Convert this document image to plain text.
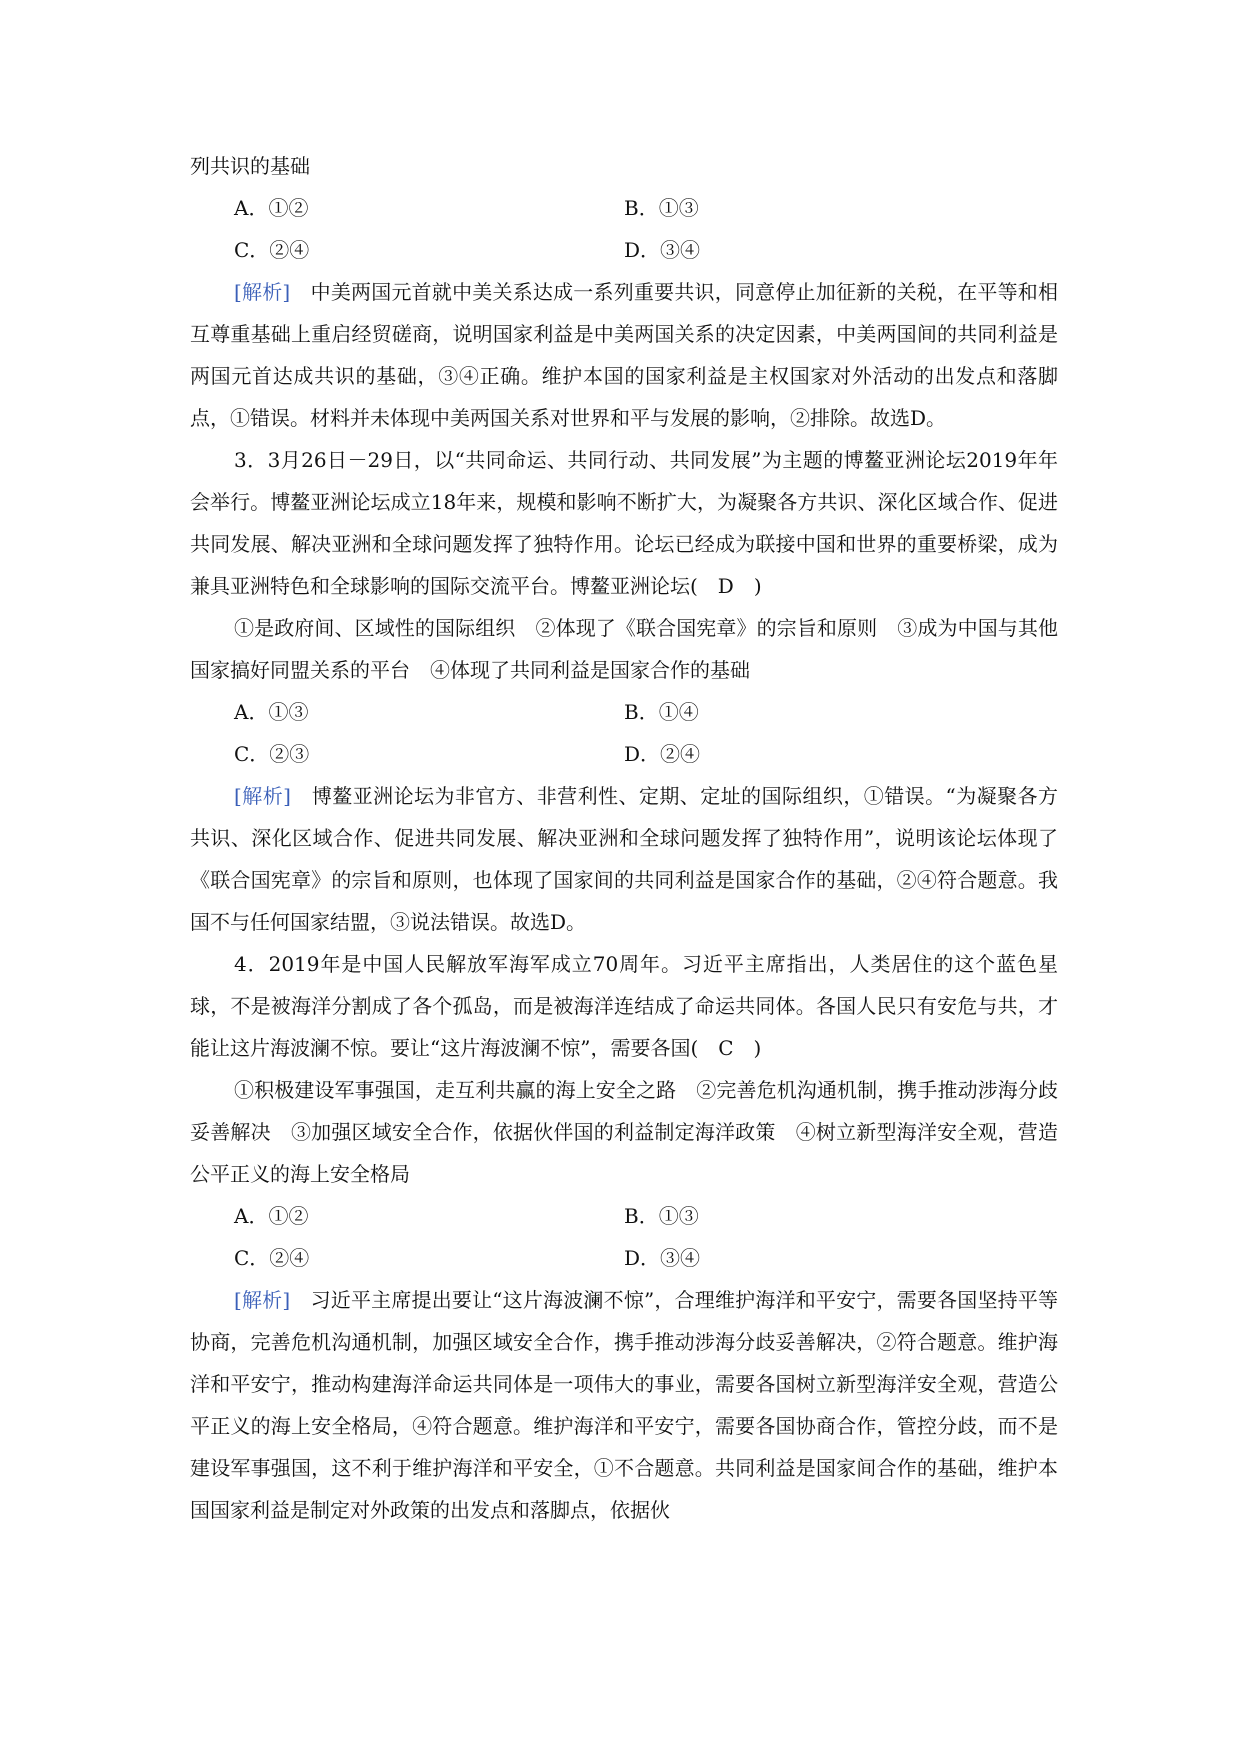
列共识的基础

A．①②	B．①③
C．②④	D．③④

[解析]　中美两国元首就中美关系达成一系列重要共识，同意停止加征新的关税，在平等和相互尊重基础上重启经贸磋商，说明国家利益是中美两国关系的决定因素，中美两国间的共同利益是两国元首达成共识的基础，③④正确。维护本国的国家利益是主权国家对外活动的出发点和落脚点，①错误。材料并未体现中美两国关系对世界和平与发展的影响，②排除。故选D。

3．3月26日－29日，以“共同命运、共同行动、共同发展”为主题的博鳌亚洲论坛2019年年会举行。博鳌亚洲论坛成立18年来，规模和影响不断扩大，为凝聚各方共识、深化区域合作、促进共同发展、解决亚洲和全球问题发挥了独特作用。论坛已经成为联接中国和世界的重要桥梁，成为兼具亚洲特色和全球影响的国际交流平台。博鳌亚洲论坛(　D　)

①是政府间、区域性的国际组织　②体现了《联合国宪章》的宗旨和原则　③成为中国与其他国家搞好同盟关系的平台　④体现了共同利益是国家合作的基础

A．①③	B．①④
C．②③	D．②④

[解析]　博鳌亚洲论坛为非官方、非营利性、定期、定址的国际组织，①错误。“为凝聚各方共识、深化区域合作、促进共同发展、解决亚洲和全球问题发挥了独特作用”，说明该论坛体现了《联合国宪章》的宗旨和原则，也体现了国家间的共同利益是国家合作的基础，②④符合题意。我国不与任何国家结盟，③说法错误。故选D。

4．2019年是中国人民解放军海军成立70周年。习近平主席指出，人类居住的这个蓝色星球，不是被海洋分割成了各个孤岛，而是被海洋连结成了命运共同体。各国人民只有安危与共，才能让这片海波澜不惊。要让“这片海波澜不惊”，需要各国(　C　)

①积极建设军事强国，走互利共赢的海上安全之路　②完善危机沟通机制，携手推动涉海分歧妥善解决　③加强区域安全合作，依据伙伴国的利益制定海洋政策　④树立新型海洋安全观，营造公平正义的海上安全格局

A．①②	B．①③
C．②④	D．③④

[解析]　习近平主席提出要让“这片海波澜不惊”，合理维护海洋和平安宁，需要各国坚持平等协商，完善危机沟通机制，加强区域安全合作，携手推动涉海分歧妥善解决，②符合题意。维护海洋和平安宁，推动构建海洋命运共同体是一项伟大的事业，需要各国树立新型海洋安全观，营造公平正义的海上安全格局，④符合题意。维护海洋和平安宁，需要各国协商合作，管控分歧，而不是建设军事强国，这不利于维护海洋和平安全，①不合题意。共同利益是国家间合作的基础，维护本国国家利益是制定对外政策的出发点和落脚点，依据伙
